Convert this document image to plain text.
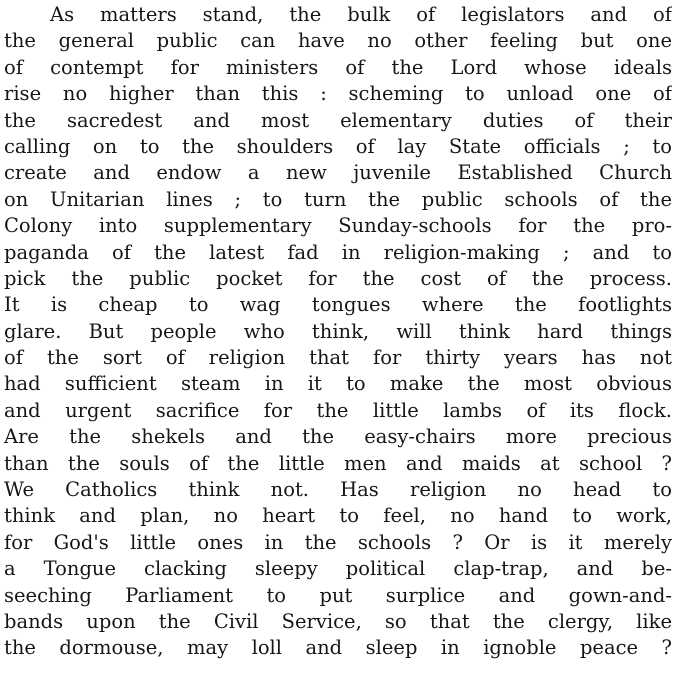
As matters stand, the bulk of legislators and of
the general public can have no other feeling but one
of contempt for ministers of the Lord whose ideals
rise no higher than this : scheming to unload one of
the sacredest and most elementary duties of their
calling on to the shoulders of lay State officials ; to
create and endow a new juvenile Established Church
on Unitarian lines ; to turn the public schools of the
Colony into supplementary Sunday-schools for the pro-
paganda of the latest fad in religion-making ; and to
pick the public pocket for the cost of the process.
It is cheap to wag tongues where the footlights
glare. But people who think, will think hard things
of the sort of religion that for thirty years has not
had sufficient steam in it to make the most obvious
and urgent sacrifice for the little lambs of its flock.
Are the shekels and the easy-chairs more precious
than the souls of the little men and maids at school ?
We Catholics think not. Has religion no head to
think and plan, no heart to feel, no hand to work,
for God's little ones in the schools ? Or is it merely
a Tongue clacking sleepy political clap-trap, and be-
seeching Parliament to put surplice and gown-and-
bands upon the Civil Service, so that the clergy, like
the dormouse, may loll and sleep in ignoble peace ?
